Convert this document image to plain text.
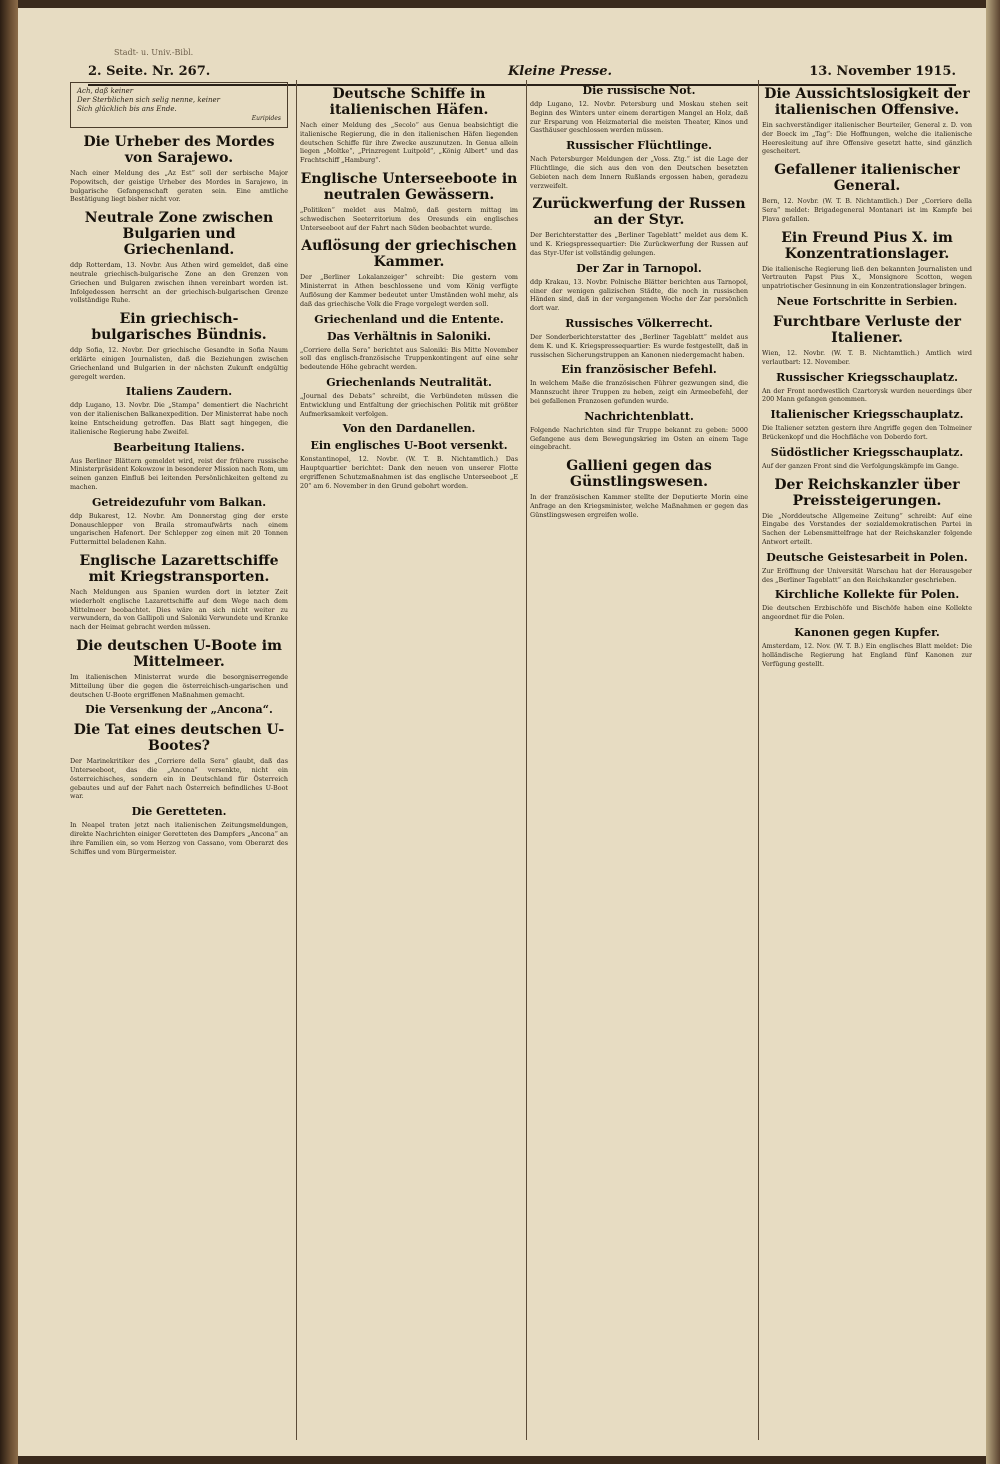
Stadt- u. Univ.-Bibl.
2. Seite. Nr. 267.	Kleine Presse.	13. November 1915.
Ach, daß keiner
Der Sterblichen sich selig nenne, keiner
Sich glücklich bis ans Ende.
Euripides
Die Urheber des Mordes von Sarajewo.
Nach einer Meldung des „Az Est“ soll der serbische Major Popowitsch, der geistige Urheber des Mordes in Sarajewo, in bulgarische Gefangenschaft geraten sein. Eine amtliche Bestätigung liegt bisher nicht vor.
Neutrale Zone zwischen Bulgarien und Griechenland.
ddp Rotterdam, 13. Novbr. Aus Athen wird gemeldet, daß eine neutrale griechisch-bulgarische Zone an den Grenzen von Griechen und Bulgaren zwischen ihnen vereinbart worden ist. Infolgedessen herrscht an der griechisch-bulgarischen Grenze vollständige Ruhe.
Ein griechisch-bulgarisches Bündnis.
ddp Sofia, 12. Novbr. Der griechische Gesandte in Sofia Naum erklärte einigen Journalisten, daß die Beziehungen zwischen Griechenland und Bulgarien in der nächsten Zukunft endgültig geregelt werden.
Italiens Zaudern.
ddp Lugano, 13. Novbr. Die „Stampa“ dementiert die Nachricht von der italienischen Balkanexpedition. Der Ministerrat habe noch keine Entscheidung getroffen. Das Blatt sagt hingegen, die italienische Regierung habe Zweifel.
Bearbeitung Italiens.
Aus Berliner Blättern gemeldet wird, reist der frühere russische Ministerpräsident Kokowzow in besonderer Mission nach Rom, um seinen ganzen Einfluß bei leitenden Persönlichkeiten geltend zu machen.
Getreidezufuhr vom Balkan.
ddp Bukarest, 12. Novbr. Am Donnerstag ging der erste Donauschlepper von Braila stromaufwärts nach einem ungarischen Hafenort. Der Schlepper zog einen mit 20 Tonnen Futtermittel beladenen Kahn.
Englische Lazarettschiffe mit Kriegstransporten.
Nach Meldungen aus Spanien wurden dort in letzter Zeit wiederholt englische Lazarettschiffe auf dem Wege nach dem Mittelmeer beobachtet. Dies wäre an sich nicht weiter zu verwundern, da von Gallipoli und Saloniki Verwundete und Kranke nach der Heimat gebracht werden müssen.
Die deutschen U-Boote im Mittelmeer.
Im italienischen Ministerrat wurde die besorgniserregende Mitteilung über die gegen die österreichisch-ungarischen und deutschen U-Boote ergriffenen Maßnahmen gemacht.
Die Versenkung der „Ancona“.
Die Tat eines deutschen U-Bootes?
Der Marinekritiker des „Corriere della Sera“ glaubt, daß das Unterseeboot, das die „Ancona“ versenkte, nicht ein österreichisches, sondern ein in Deutschland für Österreich gebautes und auf der Fahrt nach Österreich befindliches U-Boot war.
Die Geretteten.
In Neapel traten jetzt nach italienischen Zeitungsmeldungen, direkte Nachrichten einiger Geretteten des Dampfers „Ancona“ an ihre Familien ein, so vom Herzog von Cassano, vom Oberarzt des Schiffes und vom Bürgermeister.
Deutsche Schiffe in italienischen Häfen.
Nach einer Meldung des „Secolo“ aus Genua beabsichtigt die italienische Regierung, die in den italienischen Häfen liegenden deutschen Schiffe für ihre Zwecke auszunutzen. In Genua allein liegen „Moltke“, „Prinzregent Luitpold“, „König Albert“ und das Frachtschiff „Hamburg“.
Englische Unterseeboote in neutralen Gewässern.
„Politiken“ meldet aus Malmö, daß gestern mittag im schwedischen Seeterritorium des Oresunds ein englisches Unterseeboot auf der Fahrt nach Süden beobachtet wurde.
Auflösung der griechischen Kammer.
Der „Berliner Lokalanzeiger“ schreibt: Die gestern vom Ministerrat in Athen beschlossene und vom König verfügte Auflösung der Kammer bedeutet unter Umständen wohl mehr, als daß das griechische Volk die Frage vorgelegt werden soll.
Griechenland und die Entente.
Das Verhältnis in Saloniki.
„Corriere della Sera“ berichtet aus Saloniki: Bis Mitte November soll das englisch-französische Truppenkontingent auf eine sehr bedeutende Höhe gebracht werden.
Griechenlands Neutralität.
„Journal des Debats“ schreibt, die Verbündeten müssen die Entwicklung und Entfaltung der griechischen Politik mit größter Aufmerksamkeit verfolgen.
Von den Dardanellen.
Ein englisches U-Boot versenkt.
Konstantinopel, 12. Novbr. (W. T. B. Nichtamtlich.) Das Hauptquartier berichtet: Dank den neuen von unserer Flotte ergriffenen Schutzmaßnahmen ist das englische Unterseeboot „E 20“ am 6. November in den Grund gebohrt worden.
Die russische Not.
ddp Lugano, 12. Novbr. Petersburg und Moskau stehen seit Beginn des Winters unter einem derartigen Mangel an Holz, daß zur Ersparung von Heizmaterial die meisten Theater, Kinos und Gasthäuser geschlossen werden müssen.
Russischer Flüchtlinge.
Nach Petersburger Meldungen der „Voss. Ztg.“ ist die Lage der Flüchtlinge, die sich aus den von den Deutschen besetzten Gebieten nach dem Innern Rußlands ergossen haben, geradezu verzweifelt.
Zurückwerfung der Russen an der Styr.
Der Berichterstatter des „Berliner Tageblatt“ meldet aus dem K. und K. Kriegspressequartier: Die Zurückwerfung der Russen auf das Styr-Ufer ist vollständig gelungen.
Der Zar in Tarnopol.
ddp Krakau, 13. Novbr. Polnische Blätter berichten aus Tarnopol, einer der wenigen galizischen Städte, die noch in russischen Händen sind, daß in der vergangenen Woche der Zar persönlich dort war.
Russisches Völkerrecht.
Der Sonderberichterstatter des „Berliner Tageblatt“ meldet aus dem K. und K. Kriegspressequartier: Es wurde festgestellt, daß in russischen Sicherungstruppen an Kanonen niedergemacht haben.
Ein französischer Befehl.
In welchem Maße die französischen Führer gezwungen sind, die Mannszucht ihrer Truppen zu heben, zeigt ein Armeebefehl, der bei gefallenen Franzosen gefunden wurde.
Nachrichtenblatt.
Folgende Nachrichten sind für Truppe bekannt zu geben: 5000 Gefangene aus dem Bewegungskrieg im Osten an einem Tage eingebracht.
Gallieni gegen das Günstlingswesen.
In der französischen Kammer stellte der Deputierte Morin eine Anfrage an den Kriegsminister, welche Maßnahmen er gegen das Günstlingswesen ergreifen wolle.
Die Aussichtslosigkeit der italienischen Offensive.
Ein sachverständiger italienischer Beurteiler, General z. D. von der Boeck im „Tag“: Die Hoffnungen, welche die italienische Heeresleitung auf ihre Offensive gesetzt hatte, sind gänzlich gescheitert.
Gefallener italienischer General.
Bern, 12. Novbr. (W. T. B. Nichtamtlich.) Der „Corriere della Sera“ meldet: Brigadegeneral Montanari ist im Kampfe bei Plava gefallen.
Ein Freund Pius X. im Konzentrationslager.
Die italienische Regierung ließ den bekannten Journalisten und Vertrauten Papst Pius X., Monsignore Scotton, wegen unpatriotischer Gesinnung in ein Konzentrationslager bringen.
Neue Fortschritte in Serbien.
Furchtbare Verluste der Italiener.
Wien, 12. Novbr. (W. T. B. Nichtamtlich.) Amtlich wird verlautbart: 12. November.
Russischer Kriegsschauplatz.
An der Front nordwestlich Czartorysk wurden neuerdings über 200 Mann gefangen genommen.
Italienischer Kriegsschauplatz.
Die Italiener setzten gestern ihre Angriffe gegen den Tolmeiner Brückenkopf und die Hochfläche von Doberdo fort.
Südöstlicher Kriegsschauplatz.
Auf der ganzen Front sind die Verfolgungskämpfe im Gange.
Der Reichskanzler über Preissteigerungen.
Die „Norddeutsche Allgemeine Zeitung“ schreibt: Auf eine Eingabe des Vorstandes der sozialdemokratischen Partei in Sachen der Lebensmittelfrage hat der Reichskanzler folgende Antwort erteilt.
Deutsche Geistesarbeit in Polen.
Zur Eröffnung der Universität Warschau hat der Herausgeber des „Berliner Tageblatt“ an den Reichskanzler geschrieben.
Kirchliche Kollekte für Polen.
Die deutschen Erzbischöfe und Bischöfe haben eine Kollekte angeordnet für die Polen.
Kanonen gegen Kupfer.
Amsterdam, 12. Nov. (W. T. B.) Ein englisches Blatt meldet: Die holländische Regierung hat England fünf Kanonen zur Verfügung gestellt.
